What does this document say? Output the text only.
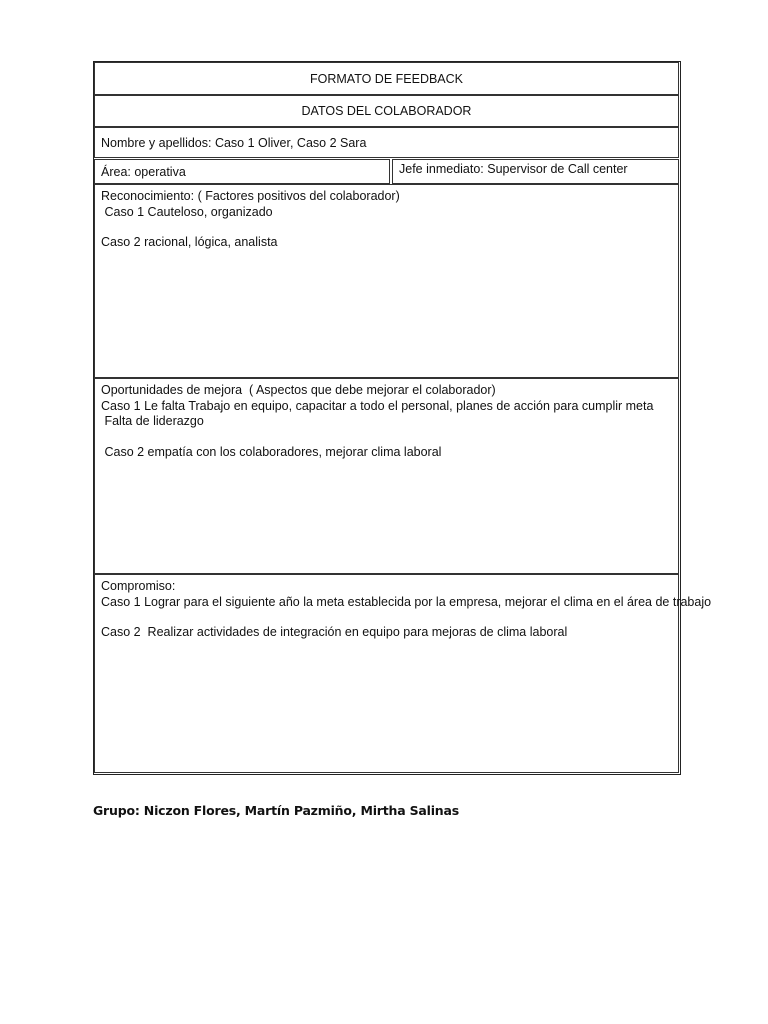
FORMATO DE FEEDBACK
DATOS DEL COLABORADOR
Nombre y apellidos: Caso 1 Oliver, Caso 2 Sara
Área: operativa	Jefe inmediato: Supervisor de Call center

Reconocimiento: ( Factores positivos del colaborador)

Caso 1 Cauteloso, organizado

Caso 2 racional, lógica, analista

Oportunidades de mejora  ( Aspectos que debe mejorar el colaborador)

Caso 1 Le falta Trabajo en equipo, capacitar a todo el personal, planes de acción para cumplir meta

Falta de liderazgo

Caso 2 empatía con los colaboradores, mejorar clima laboral

Compromiso:

Caso 1 Lograr para el siguiente año la meta establecida por la empresa, mejorar el clima en el área de trabajo

Caso 2  Realizar actividades de integración en equipo para mejoras de clima laboral

Grupo: Niczon Flores, Martín Pazmiño, Mirtha Salinas
